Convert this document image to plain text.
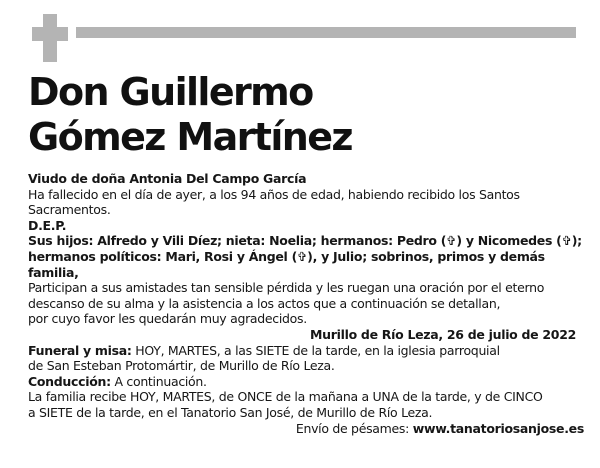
Don Guillermo
Gómez Martínez

Viudo de doña Antonia Del Campo García

Ha fallecido en el día de ayer, a los 94 años de edad, habiendo recibido los Santos
Sacramentos.

D.E.P.

Sus hijos: Alfredo y Vili Díez; nieta: Noelia; hermanos: Pedro (✞) y Nicomedes (✞);
hermanos políticos: Mari, Rosi y Ángel (✞), y Julio; sobrinos, primos y demás
familia,

Participan a sus amistades tan sensible pérdida y les ruegan una oración por el eterno
descanso de su alma y la asistencia a los actos que a continuación se detallan,
por cuyo favor les quedarán muy agradecidos.

Murillo de Río Leza, 26 de julio de 2022

Funeral y misa: HOY, MARTES, a las SIETE de la tarde, en la iglesia parroquial
de San Esteban Protomártir, de Murillo de Río Leza.

Conducción: A continuación.

La familia recibe HOY, MARTES, de ONCE de la mañana a UNA de la tarde, y de CINCO
a SIETE de la tarde, en el Tanatorio San José, de Murillo de Río Leza.

Envío de pésames: www.tanatoriosanjose.es
